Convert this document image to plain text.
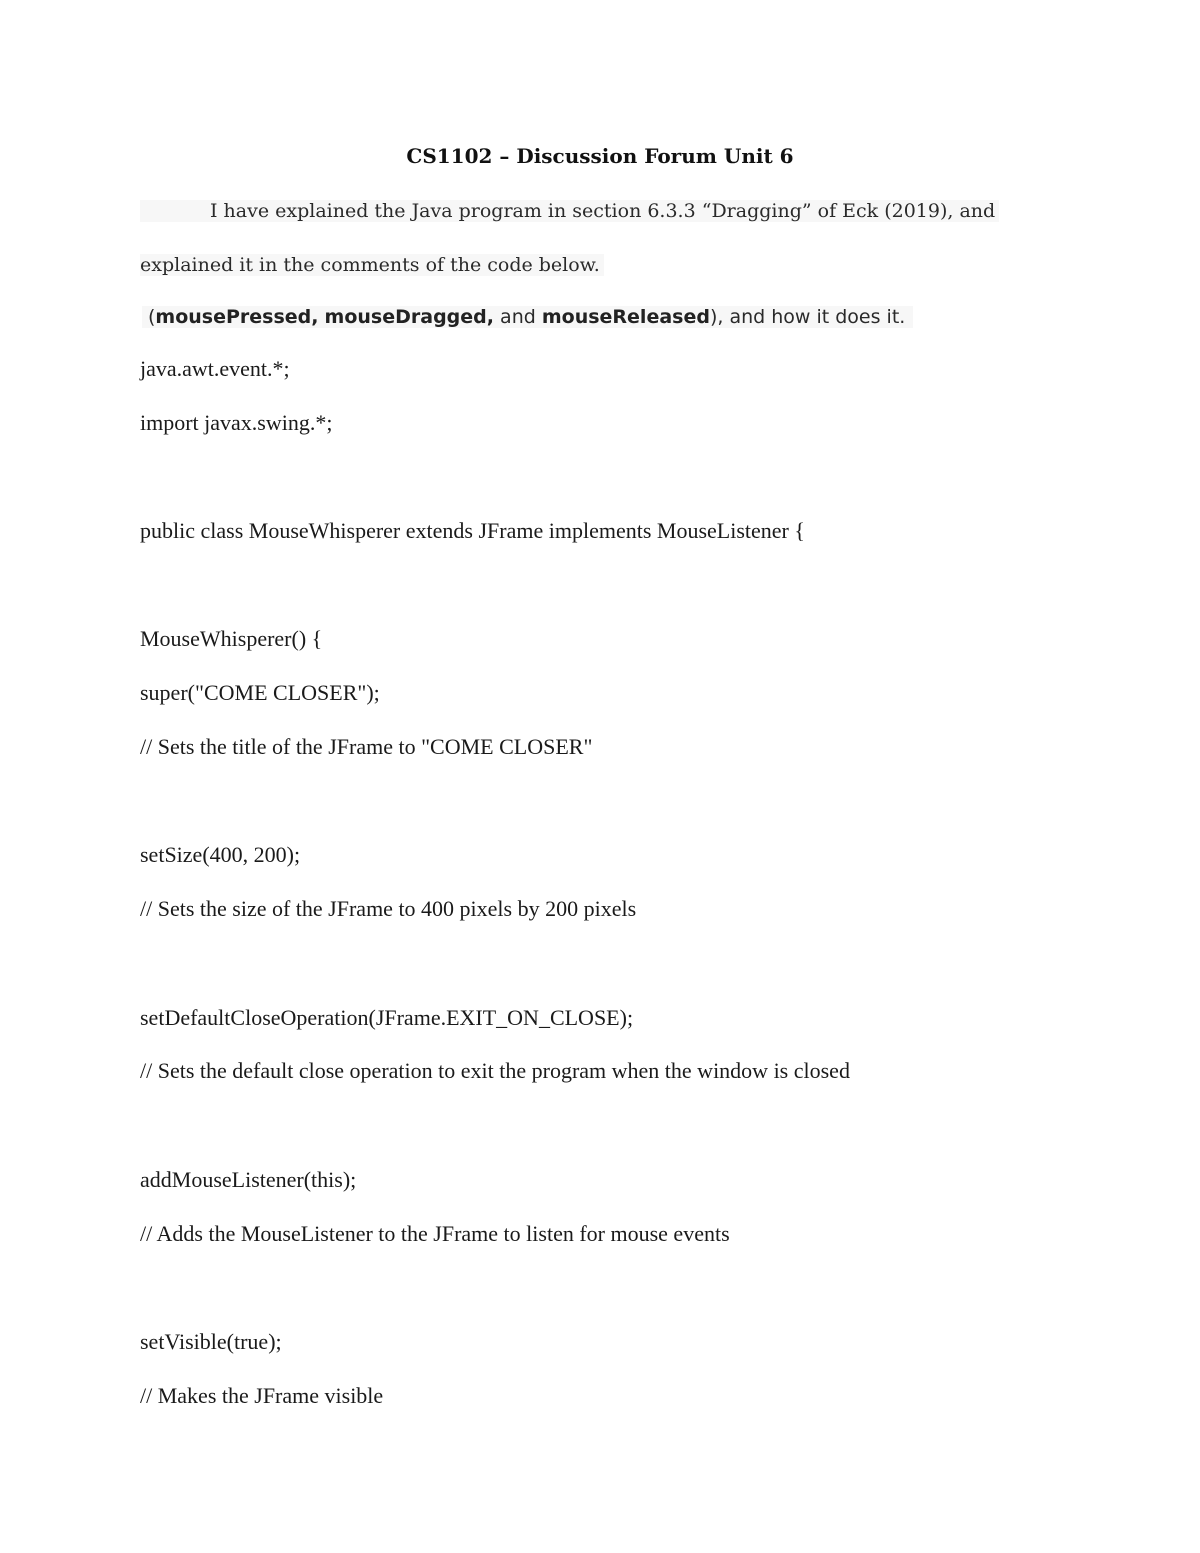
CS1102 – Discussion Forum Unit 6
I have explained the Java program in section 6.3.3 “Dragging” of Eck (2019), and
explained it in the comments of the code below.
(mousePressed, mouseDragged, and mouseReleased), and how it does it.
java.awt.event.*;
import javax.swing.*;
public class MouseWhisperer extends JFrame implements MouseListener {
MouseWhisperer() {
super("COME CLOSER");
// Sets the title of the JFrame to "COME CLOSER"
setSize(400, 200);
// Sets the size of the JFrame to 400 pixels by 200 pixels
setDefaultCloseOperation(JFrame.EXIT_ON_CLOSE);
// Sets the default close operation to exit the program when the window is closed
addMouseListener(this);
// Adds the MouseListener to the JFrame to listen for mouse events
setVisible(true);
// Makes the JFrame visible
